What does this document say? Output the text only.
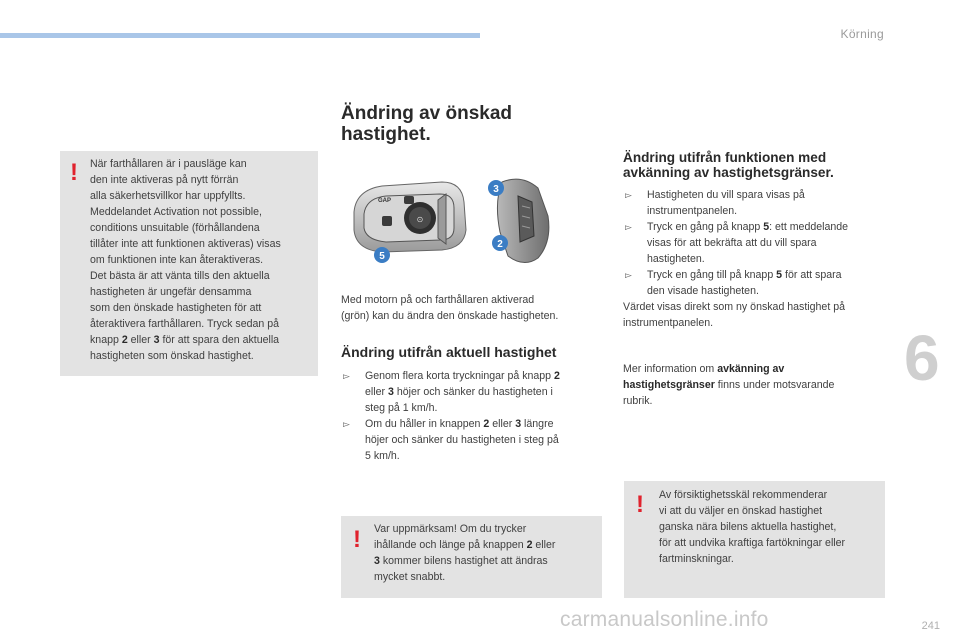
Körning
6
241
carmanualsonline.info
! När farthållaren är i pausläge kan
den inte aktiveras på nytt förrän
alla säkerhetsvillkor har uppfyllts.
Meddelandet Activation not possible,
conditions unsuitable (förhållandena
tillåter inte att funktionen aktiveras) visas
om funktionen inte kan återaktiveras.
Det bästa är att vänta tills den aktuella
hastigheten är ungefär densamma
som den önskade hastigheten för att
återaktivera farthållaren. Tryck sedan på
knapp 2 eller 3 för att spara den aktuella
hastigheten som önskad hastighet.
Ändring av önskad
hastighet.
⊙
GAP
3
2
5
Med motorn på och farthållaren aktiverad
(grön) kan du ändra den önskade hastigheten.
Ändring utifrån aktuell hastighet
▻ Genom flera korta tryckningar på knapp 2
eller 3 höjer och sänker du hastigheten i
steg på 1 km/h.
▻ Om du håller in knappen 2 eller 3 längre
höjer och sänker du hastigheten i steg på
5 km/h.
! Var uppmärksam! Om du trycker
ihållande och länge på knappen 2 eller
3 kommer bilens hastighet att ändras
mycket snabbt.
Ändring utifrån funktionen med
avkänning av hastighetsgränser.
▻ Hastigheten du vill spara visas på
instrumentpanelen.
▻ Tryck en gång på knapp 5: ett meddelande
visas för att bekräfta att du vill spara
hastigheten.
▻ Tryck en gång till på knapp 5 för att spara
den visade hastigheten.
Värdet visas direkt som ny önskad hastighet på
instrumentpanelen.
Mer information om avkänning av
hastighetsgränser finns under motsvarande
rubrik.
! Av försiktighetsskäl rekommenderar
vi att du väljer en önskad hastighet
ganska nära bilens aktuella hastighet,
för att undvika kraftiga fartökningar eller
fartminskningar.
